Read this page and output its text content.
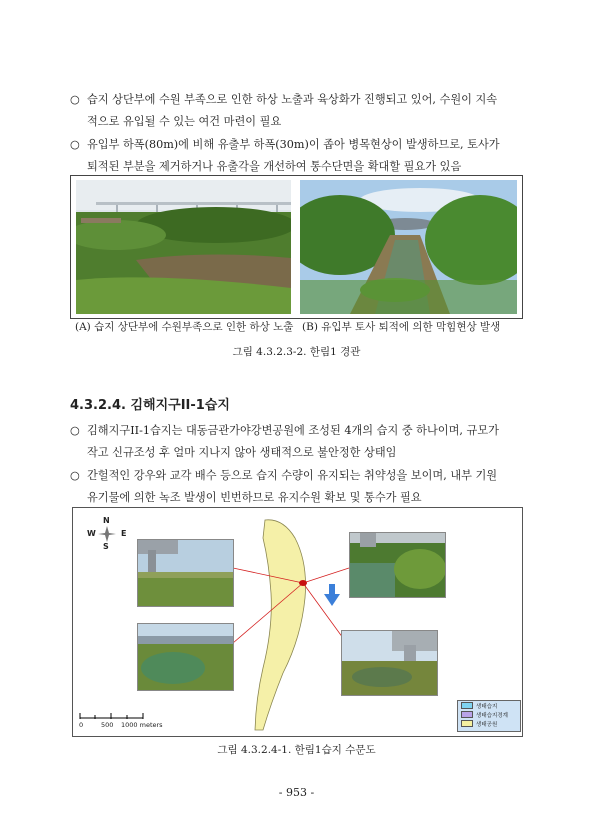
○ 습지 상단부에 수원 부족으로 인한 하상 노출과 육상화가 진행되고 있어, 수원이 지속
적으로 유입될 수 있는 여건 마련이 필요
○ 유입부 하폭(80m)에 비해 유출부 하폭(30m)이 좁아 병목현상이 발생하므로, 토사가
퇴적된 부분을 제거하거나 유출각을 개선하여 통수단면을 확대할 필요가 있음
(A) 습지 상단부에 수원부족으로 인한 하상 노출 (B) 유입부 토사 퇴적에 의한 막힘현상 발생
그림 4.3.2.3-2. 한림1 경관
4.3.2.4. 김해지구II-1습지
○ 김해지구II-1습지는 대동금관가야강변공원에 조성된 4개의 습지 중 하나이며, 규모가
작고 신규조성 후 얼마 지나지 않아 생태적으로 불안정한 상태임
○ 간헐적인 강우와 교각 배수 등으로 습지 수량이 유지되는 취약성을 보이며, 내부 기원
유기물에 의한 녹조 발생이 빈번하므로 유지수원 확보 및 통수가 필요
N
W	E
S
0	500 1000 meters
생태습지
생태습지경계
생태공원
그림 4.3.2.4-1. 한림1습지 수문도
- 953 -
